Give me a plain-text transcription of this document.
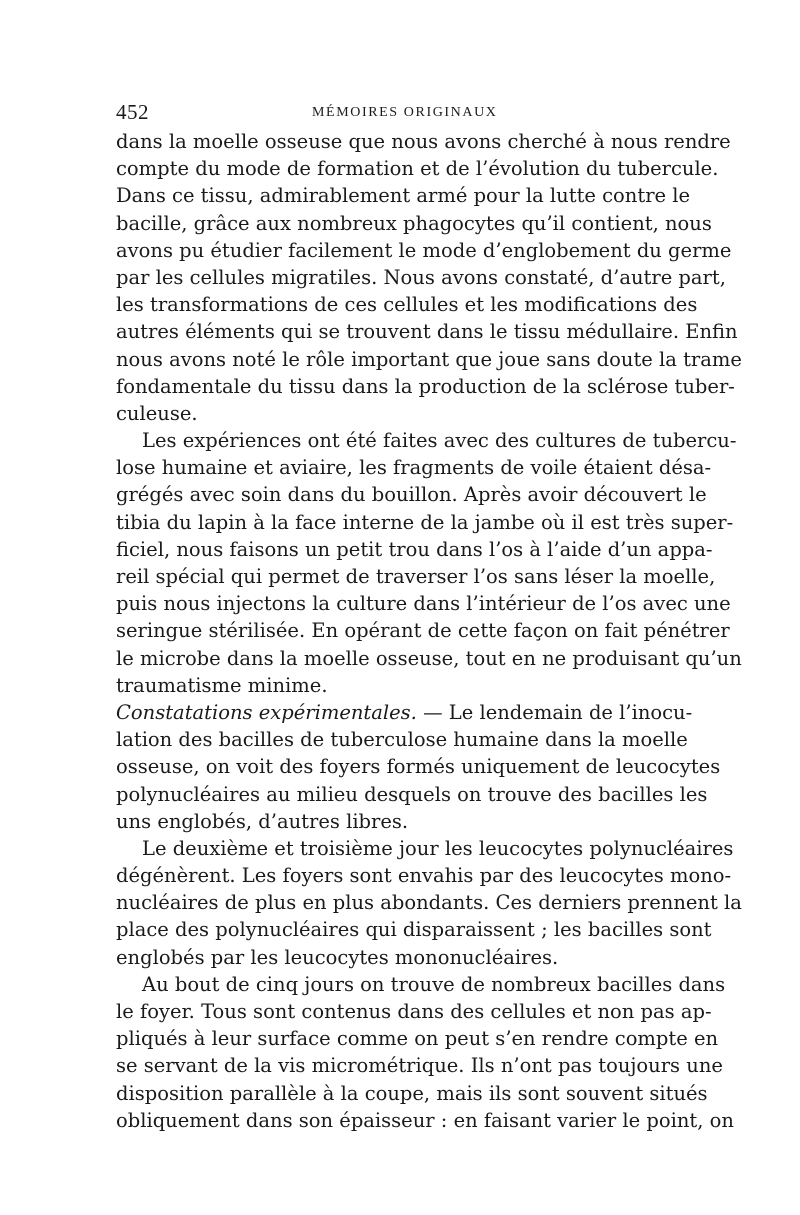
452	MÉMOIRES ORIGINAUX
dans la moelle osseuse que nous avons cherché à nous rendre
compte du mode de formation et de l’évolution du tubercule.
Dans ce tissu, admirablement armé pour la lutte contre le
bacille, grâce aux nombreux phagocytes qu’il contient, nous
avons pu étudier facilement le mode d’englobement du germe
par les cellules migratiles. Nous avons constaté, d’autre part,
les transformations de ces cellules et les modifications des
autres éléments qui se trouvent dans le tissu médullaire. Enfin
nous avons noté le rôle important que joue sans doute la trame
fondamentale du tissu dans la production de la sclérose tuber-
culeuse.
Les expériences ont été faites avec des cultures de tubercu-
lose humaine et aviaire, les fragments de voile étaient désa-
grégés avec soin dans du bouillon. Après avoir découvert le
tibia du lapin à la face interne de la jambe où il est très super-
ficiel, nous faisons un petit trou dans l’os à l’aide d’un appa-
reil spécial qui permet de traverser l’os sans léser la moelle,
puis nous injectons la culture dans l’intérieur de l’os avec une
seringue stérilisée. En opérant de cette façon on fait pénétrer
le microbe dans la moelle osseuse, tout en ne produisant qu’un
traumatisme minime.
Constatations expérimentales. — Le lendemain de l’inocu-
lation des bacilles de tuberculose humaine dans la moelle
osseuse, on voit des foyers formés uniquement de leucocytes
polynucléaires au milieu desquels on trouve des bacilles les
uns englobés, d’autres libres.
Le deuxième et troisième jour les leucocytes polynucléaires
dégénèrent. Les foyers sont envahis par des leucocytes mono-
nucléaires de plus en plus abondants. Ces derniers prennent la
place des polynucléaires qui disparaissent ; les bacilles sont
englobés par les leucocytes mononucléaires.
Au bout de cinq jours on trouve de nombreux bacilles dans
le foyer. Tous sont contenus dans des cellules et non pas ap-
pliqués à leur surface comme on peut s’en rendre compte en
se servant de la vis micrométrique. Ils n’ont pas toujours une
disposition parallèle à la coupe, mais ils sont souvent situés
obliquement dans son épaisseur : en faisant varier le point, on
